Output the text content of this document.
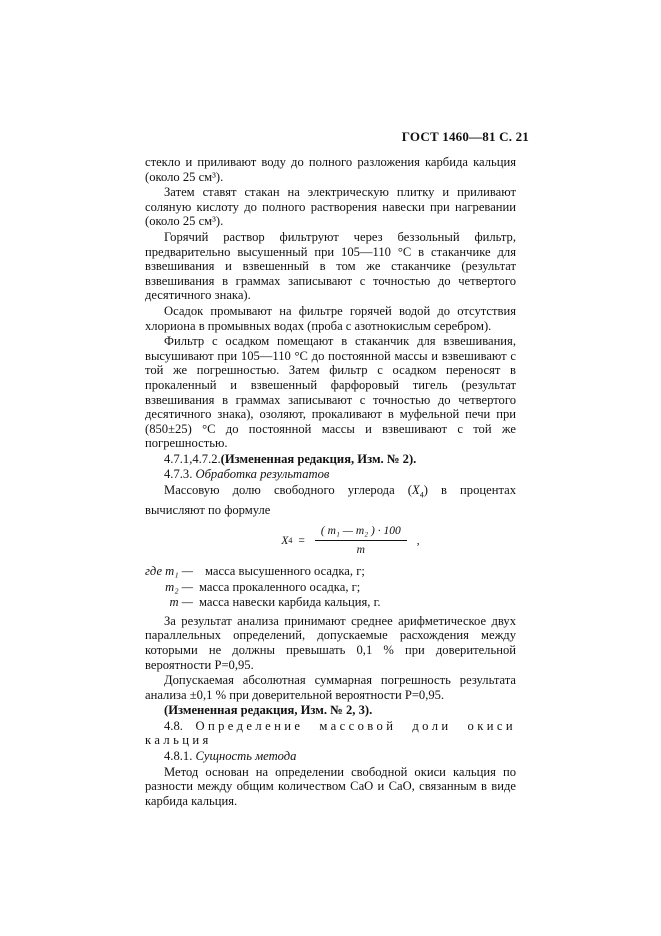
ГОСТ 1460—81 С. 21

стекло и приливают воду до полного разложения карбида кальция (около 25 см³).

Затем ставят стакан на электрическую плитку и приливают соляную кислоту до полного растворения навески при нагревании (около 25 см³).

Горячий раствор фильтруют через беззольный фильтр, предварительно высушенный при 105—110 °С в стаканчике для взвешивания и взвешенный в том же стаканчике (результат взвешивания в граммах записывают с точностью до четвертого десятичного знака).

Осадок промывают на фильтре горячей водой до отсутствия хлориона в промывных водах (проба с азотнокислым серебром).

Фильтр с осадком помещают в стаканчик для взвешивания, высушивают при 105—110 °С до постоянной массы и взвешивают с той же погрешностью. Затем фильтр с осадком переносят в прокаленный и взвешенный фарфоровый тигель (результат взвешивания в граммах записывают с точностью до четвертого десятичного знака), озоляют, прокаливают в муфельной печи при (850±25) °С до постоянной массы и взвешивают с той же погрешностью.

4.7.1,4.7.2.(Измененная редакция, Изм. № 2).

4.7.3. Обработка результатов

Массовую долю свободного углерода $(X_4)$ в процентах вычисляют по формуле

X $4 = \frac{\text{( m₁ — m₂ ) · 100}}{m}$ ,
где m₁ — масса высушенного осадка, г;
m₂ — масса прокаленного осадка, г;
m — масса навески карбида кальция, г.

За результат анализа принимают среднее арифметическое двух параллельных определений, допускаемые расхождения между которыми не должны превышать 0,1 % при доверительной вероятности P=0,95.

Допускаемая абсолютная суммарная погрешность результата анализа ±0,1 % при доверительной вероятности P=0,95.

(Измененная редакция, Изм. № 2, 3).

4.8. Определение массовой доли окиси кальция

4.8.1. Сущность метода

Метод основан на определении свободной окиси кальция по разности между общим количеством CaO и CaO, связанным в виде карбида кальция.
